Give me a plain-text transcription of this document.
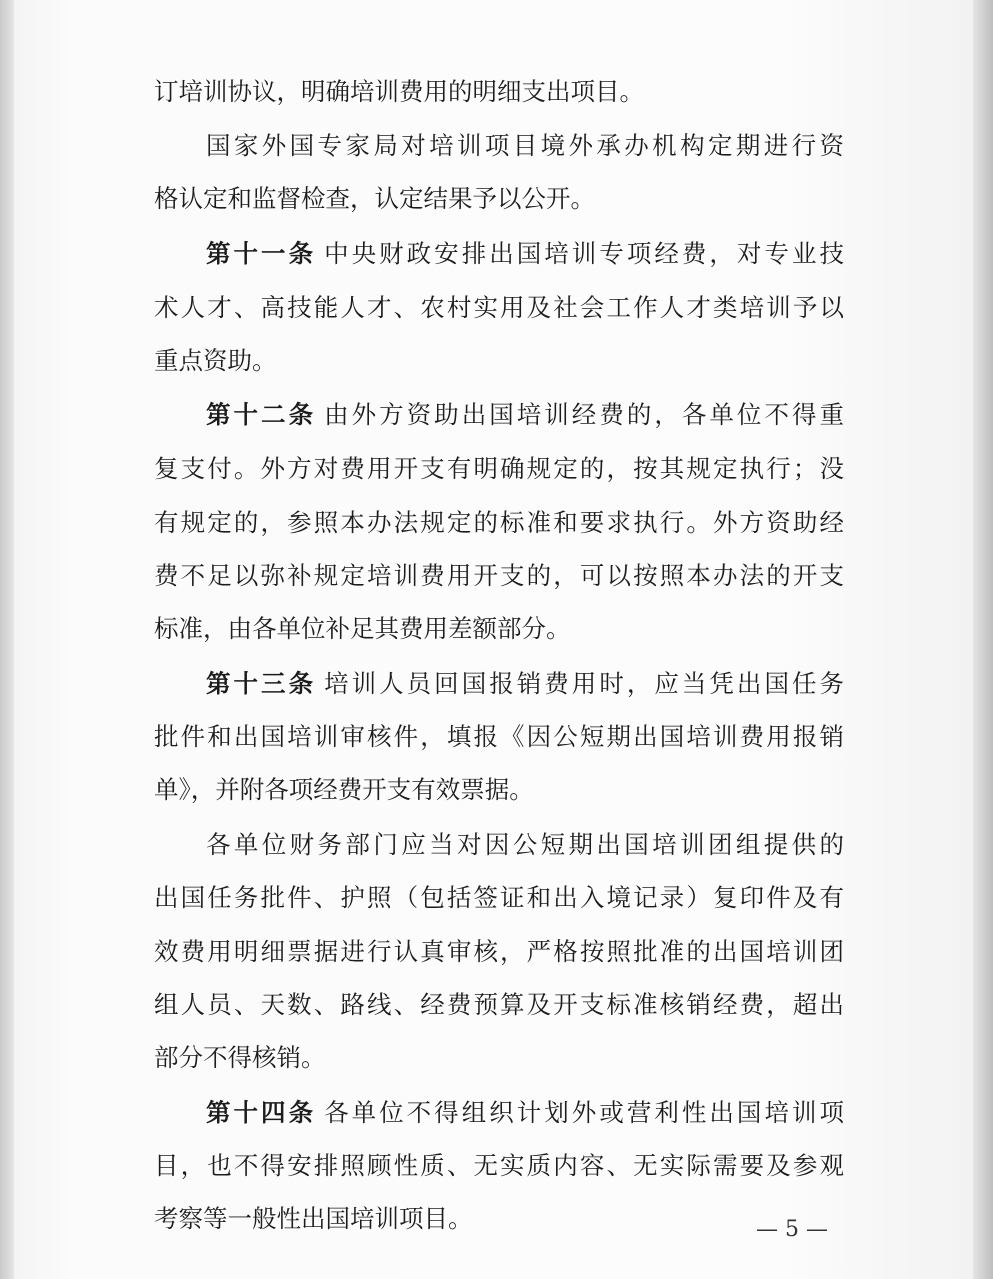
订培训协议，明确培训费用的明细支出项目。
国家外国专家局对培训项目境外承办机构定期进行资
格认定和监督检查，认定结果予以公开。
第十一条 中央财政安排出国培训专项经费，对专业技
术人才、高技能人才、农村实用及社会工作人才类培训予以
重点资助。
第十二条 由外方资助出国培训经费的，各单位不得重
复支付。外方对费用开支有明确规定的，按其规定执行；没
有规定的，参照本办法规定的标准和要求执行。外方资助经
费不足以弥补规定培训费用开支的，可以按照本办法的开支
标准，由各单位补足其费用差额部分。
第十三条 培训人员回国报销费用时，应当凭出国任务
批件和出国培训审核件，填报《因公短期出国培训费用报销
单》，并附各项经费开支有效票据。
各单位财务部门应当对因公短期出国培训团组提供的
出国任务批件、护照（包括签证和出入境记录）复印件及有
效费用明细票据进行认真审核，严格按照批准的出国培训团
组人员、天数、路线、经费预算及开支标准核销经费，超出
部分不得核销。
第十四条 各单位不得组织计划外或营利性出国培训项
目，也不得安排照顾性质、无实质内容、无实际需要及参观
考察等一般性出国培训项目。	— 5 —
